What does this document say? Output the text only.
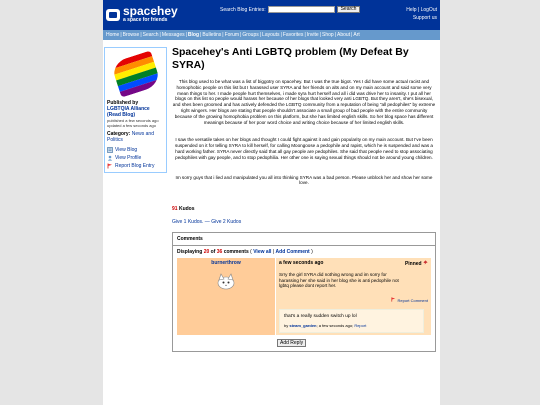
spacehey
a space for friends
Search Blog Entries:	Search	Help | LogOut
Support us
Home | Browse | Search | Messages | Blog | Bulletins | Forum | Groups | Layouts | Favorites | Invite | Shop | About | Art
Published by
LGBTQIA Alliance (Read Blog)
published a few seconds ago
updated a few seconds ago
Category: News and Politics
View Blog
View Profile
Report Blog Entry
Spacehey's Anti LGBTQ problem (My Defeat By SYRA)

This blog used to be what was a list of biggotry on spacehey. But I was the true bigot. Yes I did have some actual racist and homophobic people on this list but I harassed user SYRA and her friends on alts and on my main account and said some very mean things to her. I made people hurt themselves, i made syra hurt herself and all i did was drive her to insanity. I put all her blogs on this list so people would harass her because of her blogs that looked very anti LGBTQ. But they aren't, she's bisexual, and shes been groomed and has actively defended the LGBTQ community from a reputation of being "all pedophiles" by extreme right wingers. Her blogs are stating that people shouldn't associate a small group of bad people with the entire community because of the growing homophobia problem on this platform, but she has limited english skills. So her blog space has different meanings because of her poor word choice and writing choice because of her limited english skills.

I saw the versatile takes on her blogs and thought I could fight against it and gain popularity on my main account. But I've been suspended on it for telling SYRA to kill herself, for calling Moongoose a pedophile and rapist, which he is suspended and was a hard working father. SYRA never directly said that all gay people are pedophiles. She said that people need to stop associating pedophiles with gay people, and to stop pedophilia. Her other one is saying sexual things should not be around young children.

Im sorry guys that i lied and manipulated you all into thinking SYRA was a bad person. Please unblock her and show her some love.

91 Kudos
Give 1 Kudos. — Give 2 Kudos
Comments
Displaying 20 of 36 comments ( View all | Add Comment )
burnerthrow	a few seconds ago	Pinned
Srry the girl SYRA did nothing wrong and im sorry for harassing her she said in her blog she is anti pedophile not lgbtq please dont report her.
Report Comment
that's a really sudden switch up lol
by steam_garden; a few seconds ago; Report
Add Reply
